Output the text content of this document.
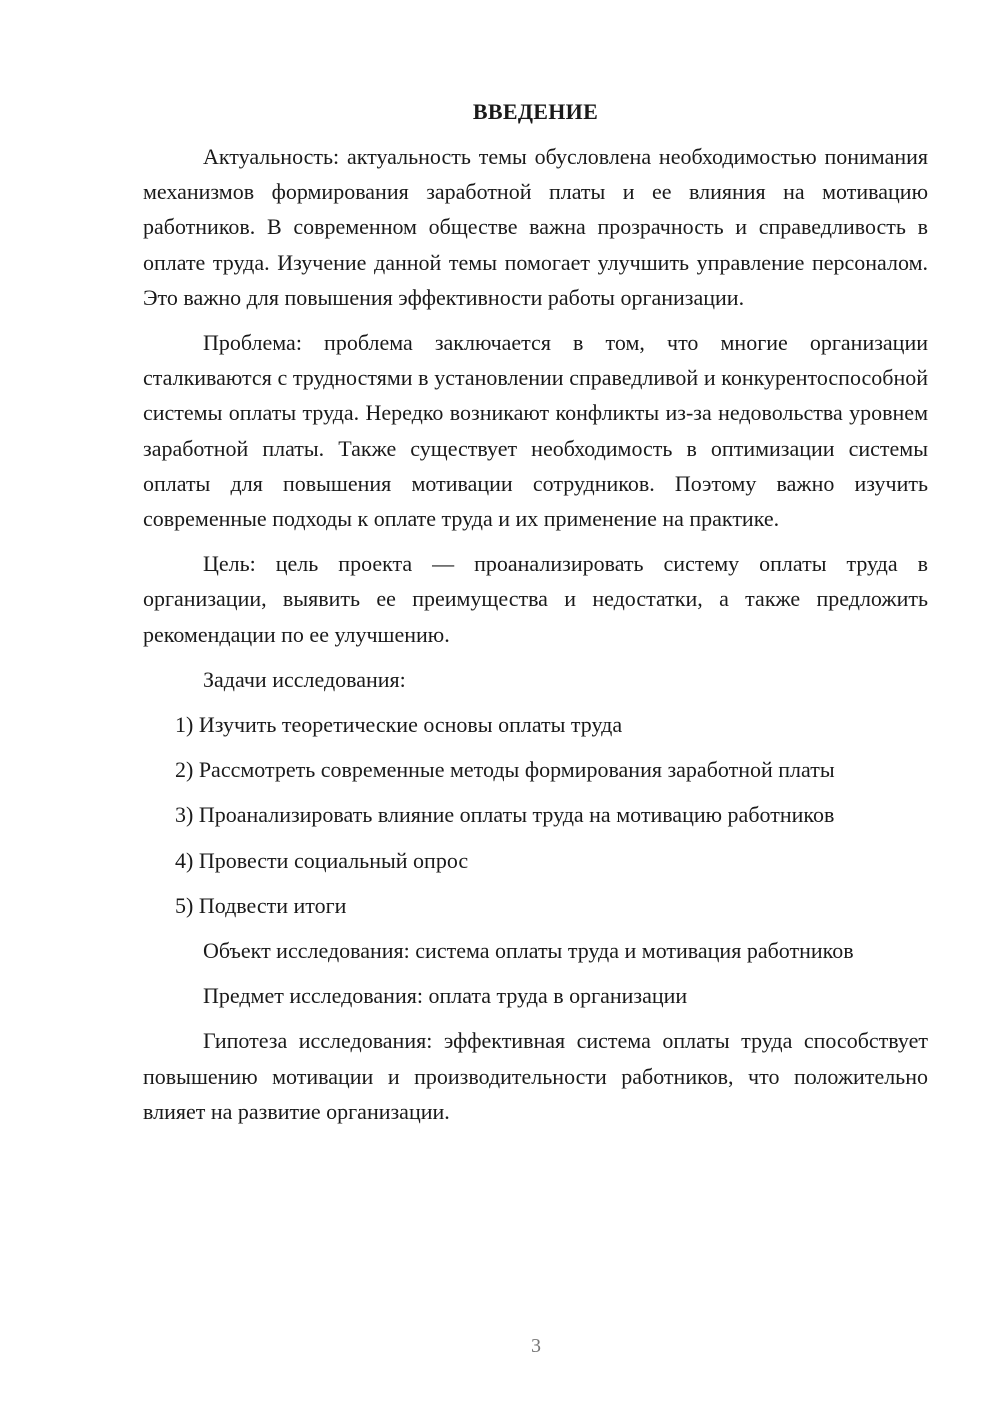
ВВЕДЕНИЕ

Актуальность: актуальность темы обусловлена необходимостью понимания механизмов формирования заработной платы и ее влияния на мотивацию работников. В современном обществе важна прозрачность и справедливость в оплате труда. Изучение данной темы помогает улучшить управление персоналом. Это важно для повышения эффективности работы организации.

Проблема: проблема заключается в том, что многие организации сталкиваются с трудностями в установлении справедливой и конкурентоспособной системы оплаты труда. Нередко возникают конфликты из-за недовольства уровнем заработной платы. Также существует необходимость в оптимизации системы оплаты для повышения мотивации сотрудников. Поэтому важно изучить современные подходы к оплате труда и их применение на практике.

Цель: цель проекта — проанализировать систему оплаты труда в организации, выявить ее преимущества и недостатки, а также предложить рекомендации по ее улучшению.

Задачи исследования:

1) Изучить теоретические основы оплаты труда

2) Рассмотреть современные методы формирования заработной платы

3) Проанализировать влияние оплаты труда на мотивацию работников

4) Провести социальный опрос

5) Подвести итоги

Объект исследования: система оплаты труда и мотивация работников

Предмет исследования: оплата труда в организации

Гипотеза исследования: эффективная система оплаты труда способствует повышению мотивации и производительности работников, что положительно влияет на развитие организации.

3
